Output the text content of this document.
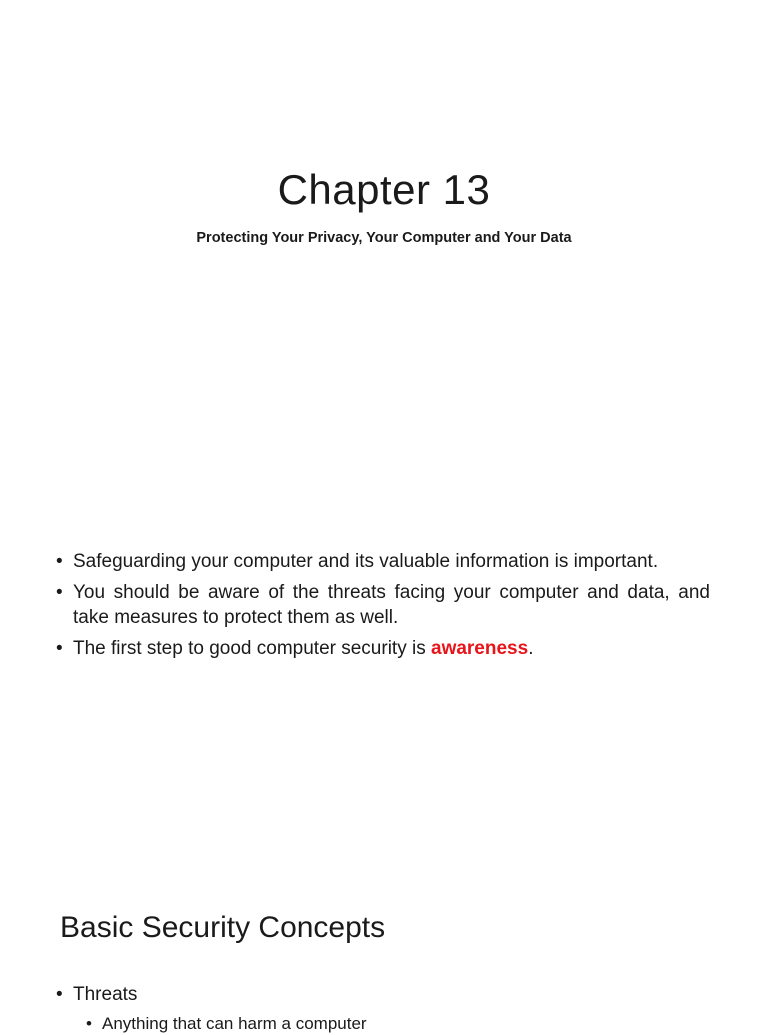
Chapter 13

Protecting Your Privacy, Your Computer and Your Data

• Safeguarding your computer and its valuable information is important.
• You should be aware of the threats facing your computer and data, and take measures to protect them as well.
• The first step to good computer security is awareness.
Basic Security Concepts
• Threats
• Anything that can harm a computer
